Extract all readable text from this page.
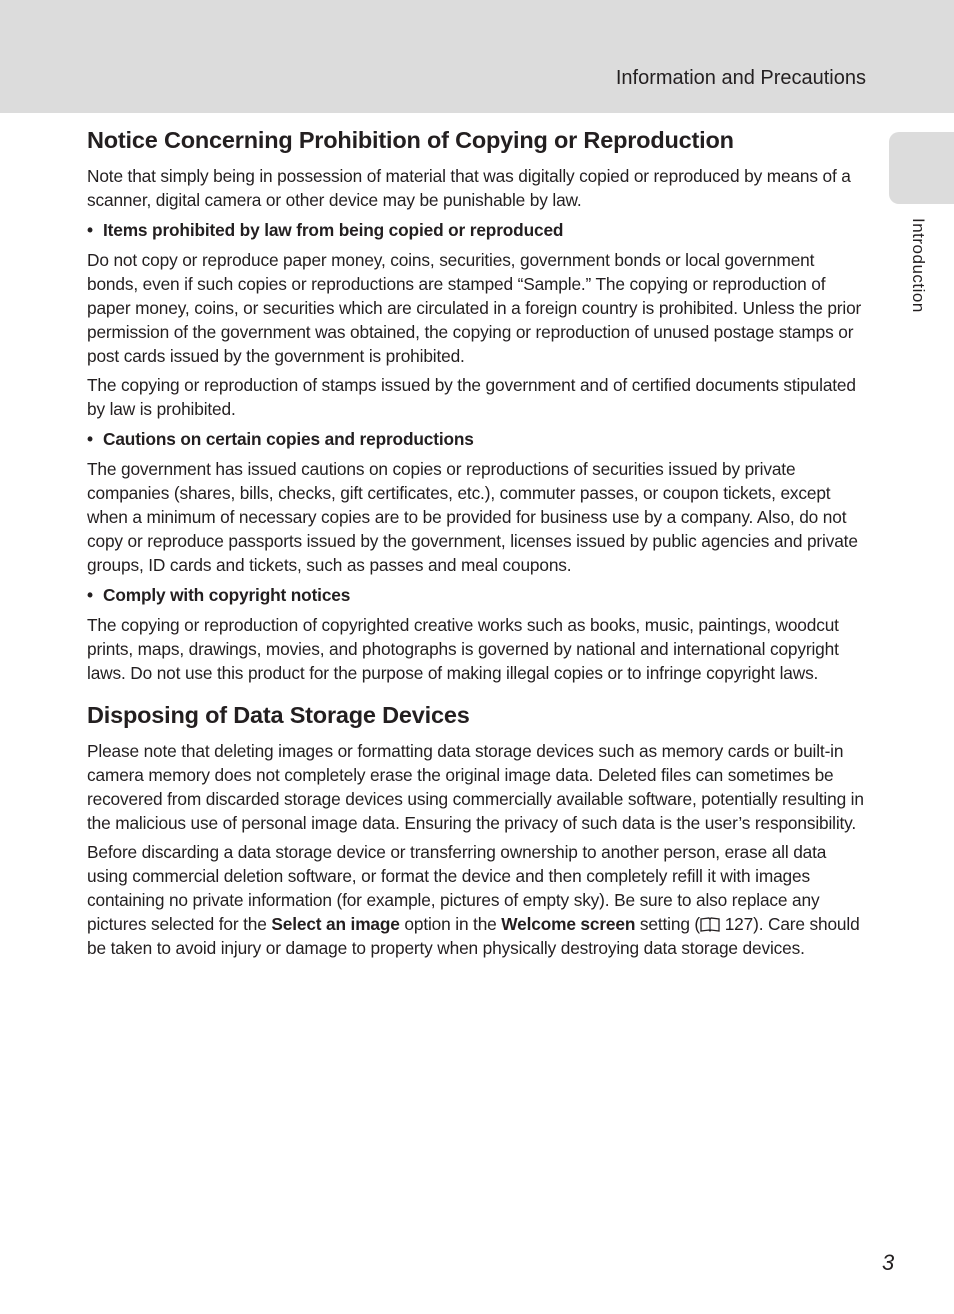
Information and Precautions
Introduction
Notice Concerning Prohibition of Copying or Reproduction

Note that simply being in possession of material that was digitally copied or reproduced by means of a scanner, digital camera or other device may be punishable by law.

• Items prohibited by law from being copied or reproduced

Do not copy or reproduce paper money, coins, securities, government bonds or local government bonds, even if such copies or reproductions are stamped “Sample.” The copying or reproduction of paper money, coins, or securities which are circulated in a foreign country is prohibited. Unless the prior permission of the government was obtained, the copying or reproduction of unused postage stamps or post cards issued by the government is prohibited.

The copying or reproduction of stamps issued by the government and of certified documents stipulated by law is prohibited.

• Cautions on certain copies and reproductions

The government has issued cautions on copies or reproductions of securities issued by private companies (shares, bills, checks, gift certificates, etc.), commuter passes, or coupon tickets, except when a minimum of necessary copies are to be provided for business use by a company. Also, do not copy or reproduce passports issued by the government, licenses issued by public agencies and private groups, ID cards and tickets, such as passes and meal coupons.

• Comply with copyright notices

The copying or reproduction of copyrighted creative works such as books, music, paintings, woodcut prints, maps, drawings, movies, and photographs is governed by national and international copyright laws. Do not use this product for the purpose of making illegal copies or to infringe copyright laws.

Disposing of Data Storage Devices

Please note that deleting images or formatting data storage devices such as memory cards or built-in camera memory does not completely erase the original image data. Deleted files can sometimes be recovered from discarded storage devices using commercially available software, potentially resulting in the malicious use of personal image data. Ensuring the privacy of such data is the user’s responsibility.

Before discarding a data storage device or transferring ownership to another person, erase all data using commercial deletion software, or format the device and then completely refill it with images containing no private information (for example, pictures of empty sky). Be sure to also replace any pictures selected for the Select an image option in the Welcome screen setting ( 127). Care should be taken to avoid injury or damage to property when physically destroying data storage devices.

3
